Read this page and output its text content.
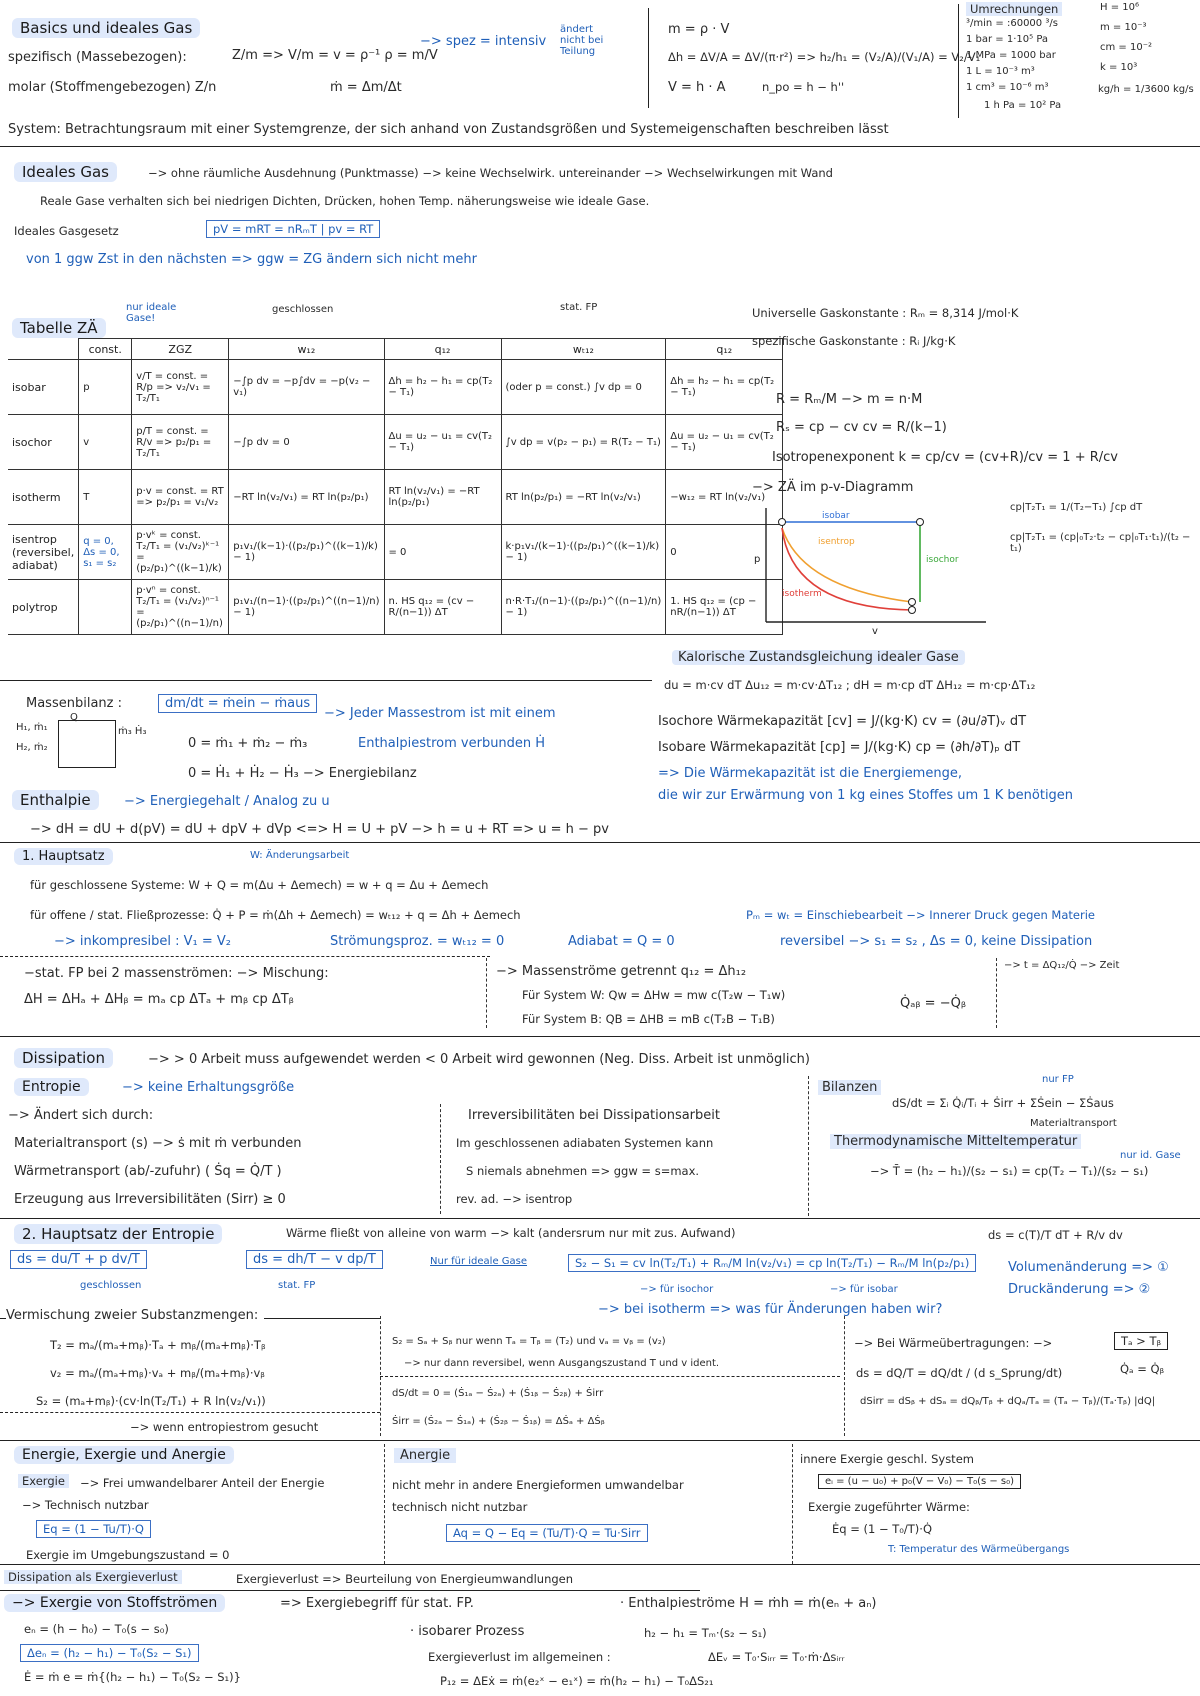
Basics und ideales Gas
spezifisch (Massebezogen):	Z/m => V/m = v = ρ⁻¹ ρ = m/V
−> spez = intensiv
ändert nicht bei Teilung
molar (Stoffmengebezogen) Z/n	ṁ = Δm/Δt
m = ρ · V
Δh = ΔV/A = ΔV/(π·r²) => h₂/h₁ = (V₂/A)/(V₁/A) = V₂/V₁
V = h · A	n_po = h − h''
Umrechnungen
³/min = :60000 ³/s
1 bar = 1·10⁵ Pa
1 MPa = 1000 bar
1 L = 10⁻³ m³
1 cm³ = 10⁻⁶ m³
1 h Pa = 10² Pa
H = 10⁶
m = 10⁻³
cm = 10⁻²
k = 10³
kg/h = 1/3600 kg/s
System: Betrachtungsraum mit einer Systemgrenze, der sich anhand von Zustandsgrößen und Systemeigenschaften beschreiben lässt
Ideales Gas	−> ohne räumliche Ausdehnung (Punktmasse) −> keine Wechselwirk. untereinander −> Wechselwirkungen mit Wand
Reale Gase verhalten sich bei niedrigen Dichten, Drücken, hohen Temp. näherungsweise wie ideale Gase.
Ideales Gasgesetz	pV = mRT = nRₘT | pv = RT
von 1 ggw Zst in den nächsten => ggw = ZG ändern sich nicht mehr
Tabelle ZÄ
nur ideale Gase!
geschlossen	stat. FP
	const.	ZGZ	w₁₂	q₁₂	wₜ₁₂	q₁₂
isobar	p	v/T = const. = R/p => v₂/v₁ = T₂/T₁	−∫p dv = −p∫dv = −p(v₂ − v₁)	Δh = h₂ − h₁ = cp(T₂ − T₁)	(oder p = const.) ∫v dp = 0	Δh = h₂ − h₁ = cp(T₂ − T₁)
isochor	v	p/T = const. = R/v => p₂/p₁ = T₂/T₁	−∫p dv = 0	Δu = u₂ − u₁ = cv(T₂ − T₁)	∫v dp = v(p₂ − p₁) = R(T₂ − T₁)	Δu = u₂ − u₁ = cv(T₂ − T₁)
isotherm	T	p·v = const. = RT => p₂/p₁ = v₁/v₂	−RT ln(v₂/v₁) = RT ln(p₂/p₁)	RT ln(v₂/v₁) = −RT ln(p₂/p₁)	RT ln(p₂/p₁) = −RT ln(v₂/v₁)	−w₁₂ = RT ln(v₂/v₁)
isentrop (reversibel, adiabat)	q = 0, Δs = 0, s₁ = s₂	p·vᵏ = const. T₂/T₁ = (v₁/v₂)ᵏ⁻¹ = (p₂/p₁)^((k−1)/k)	p₁v₁/(k−1)·((p₂/p₁)^((k−1)/k) − 1)	= 0	k·p₁v₁/(k−1)·((p₂/p₁)^((k−1)/k) − 1)	0
polytrop		p·vⁿ = const. T₂/T₁ = (v₁/v₂)ⁿ⁻¹ = (p₂/p₁)^((n−1)/n)	p₁v₁/(n−1)·((p₂/p₁)^((n−1)/n) − 1)	n. HS q₁₂ = (cv − R/(n−1)) ΔT	n·R·T₁/(n−1)·((p₂/p₁)^((n−1)/n) − 1)	1. HS q₁₂ = (cp − nR/(n−1)) ΔT
Universelle Gaskonstante : Rₘ = 8,314 J/mol·K
spezifische Gaskonstante : Rᵢ J/kg·K
R = Rₘ/M −> m = n·M
Rₛ = cp − cv cv = R/(k−1)
Isotropenexponent k = cp/cv = (cv+R)/cv = 1 + R/cv
−> ZÄ im p-v-Diagramm
cp|T₂T₁ = 1/(T₂−T₁) ∫cp dT
cp|T₂T₁ = (cp|₀T₂·t₂ − cp|₀T₁·t₁)/(t₂ − t₁)
isobar
isentrop
isochor
isotherm
p
v
Kalorische Zustandsgleichung idealer Gase
du = m·cv dT Δu₁₂ = m·cv·ΔT₁₂ ; dH = m·cp dT ΔH₁₂ = m·cp·ΔT₁₂
Isochore Wärmekapazität [cv] = J/(kg·K) cv = (∂u/∂T)ᵥ dT
Isobare Wärmekapazität [cp] = J/(kg·K) cp = (∂h/∂T)ₚ dT
=> Die Wärmekapazität ist die Energiemenge,
die wir zur Erwärmung von 1 kg eines Stoffes um 1 K benötigen
Massenbilanz :	dm/dt = ṁein − ṁaus
−> Jeder Massestrom ist mit einem
Enthalpiestrom verbunden Ḣ
H₁, ṁ₁
H₂, ṁ₂
ṁ₃ Ḣ₃
Q
0 = ṁ₁ + ṁ₂ − ṁ₃
0 = Ḣ₁ + Ḣ₂ − Ḣ₃ −> Energiebilanz
Enthalpie	−> Energiegehalt / Analog zu u
−> dH = dU + d(pV) = dU + dpV + dVp <=> H = U + pV −> h = u + RT => u = h − pv
1. Hauptsatz	W: Änderungsarbeit
für geschlossene Systeme: W + Q = m(Δu + Δemech) = w + q = Δu + Δemech
für offene / stat. Fließprozesse: Q̇ + P = ṁ(Δh + Δemech) = wₜ₁₂ + q = Δh + Δemech	Pₘ = wₜ = Einschiebearbeit −> Innerer Druck gegen Materie
−> inkompresibel : V₁ = V₂	Strömungsproz. = wₜ₁₂ = 0	Adiabat = Q = 0	reversibel −> s₁ = s₂ , Δs = 0, keine Dissipation
−stat. FP bei 2 massenströmen: −> Mischung:
ΔH = ΔHₐ + ΔHᵦ = mₐ cp ΔTₐ + mᵦ cp ΔTᵦ
−> Massenströme getrennt q₁₂ = Δh₁₂
Für System W: Qw = ΔHw = mw c(T₂w − T₁w)
Für System B: QB = ΔHB = mB c(T₂B − T₁B)
Q̇ₐᵦ = −Q̇ᵦ
−> t = ΔQ₁₂/Q̇ −> Zeit
Dissipation	−> > 0 Arbeit muss aufgewendet werden < 0 Arbeit wird gewonnen (Neg. Diss. Arbeit ist unmöglich)
Entropie	−> keine Erhaltungsgröße
−> Ändert sich durch:
Materialtransport (s) −> ṡ mit ṁ verbunden
Wärmetransport (ab/-zufuhr) ( Ṡq = Q̇/T )
Erzeugung aus Irreversibilitäten (Sirr) ≥ 0
Irreversibilitäten bei Dissipationsarbeit
Im geschlossenen adiabaten Systemen kann
S niemals abnehmen => ggw = s=max.
rev. ad. −> isentrop
Bilanzen
nur FP
dS/dt = Σᵢ Q̇ᵢ/Tᵢ + Ṡirr + ΣṠein − ΣṠaus
Materialtransport
Thermodynamische Mitteltemperatur
−> T̄ = (h₂ − h₁)/(s₂ − s₁) = cp(T₂ − T₁)/(s₂ − s₁)
nur id. Gase
2. Hauptsatz der Entropie	Wärme fließt von alleine von warm −> kalt (andersrum nur mit zus. Aufwand)	ds = c(T)/T dT + R/v dv
ds = du/T + p dv/T
geschlossen
ds = dh/T − v dp/T
stat. FP
Nur für ideale Gase	S₂ − S₁ = cv ln(T₂/T₁) + Rₘ/M ln(v₂/v₁) = cp ln(T₂/T₁) − Rₘ/M ln(p₂/p₁)
−> für isochor	−> für isobar
−> bei isotherm => was für Änderungen haben wir?
Volumenänderung => ①
Druckänderung => ②
Vermischung zweier Substanzmengen:
T₂ = mₐ/(mₐ+mᵦ)·Tₐ + mᵦ/(mₐ+mᵦ)·Tᵦ
v₂ = mₐ/(mₐ+mᵦ)·vₐ + mᵦ/(mₐ+mᵦ)·vᵦ
S₂ = (mₐ+mᵦ)·(cv·ln(T₂/T₁) + R ln(v₂/v₁))
−> wenn entropiestrom gesucht
S₂ = Sₐ + Sᵦ nur wenn Tₐ = Tᵦ = (T₂) und vₐ = vᵦ = (v₂)
−> nur dann reversibel, wenn Ausgangszustand T und v ident.
dS/dt = 0 = (Ṡ₁ₐ − Ṡ₂ₐ) + (Ṡ₁ᵦ − Ṡ₂ᵦ) + Ṡirr
Ṡirr = (Ṡ₂ₐ − Ṡ₁ₐ) + (Ṡ₂ᵦ − Ṡ₁ᵦ) = ΔṠₐ + ΔṠᵦ
−> Bei Wärmeübertragungen: −>	Tₐ > Tᵦ
Q̇ₐ = Q̇ᵦ
ds = dQ/T = dQ/dt / (d s_Sprung/dt)
dSirr = dSᵦ + dSₐ = dQᵦ/Tᵦ + dQₐ/Tₐ = (Tₐ − Tᵦ)/(Tₐ·Tᵦ) |dQ|
Energie, Exergie und Anergie
Exergie	−> Frei umwandelbarer Anteil der Energie
−> Technisch nutzbar
Eq = (1 − Tu/T)·Q
Exergie im Umgebungszustand = 0
Anergie
nicht mehr in andere Energieformen umwandelbar
technisch nicht nutzbar
Aq = Q − Eq = (Tu/T)·Q = Tu·Sirr
innere Exergie geschl. System
eᵢ = (u − u₀) + p₀(V − V₀) − T₀(s − s₀)
Exergie zugeführter Wärme:
Ėq = (1 − T₀/T)·Q̇
T: Temperatur des Wärmeübergangs
Dissipation als Exergieverlust	Exergieverlust => Beurteilung von Energieumwandlungen
−> Exergie von Stoffströmen	=> Exergiebegriff für stat. FP.	· Enthalpieströme H = ṁh = ṁ(eₙ + aₙ)
eₙ = (h − h₀) − T₀(s − s₀)
Δeₙ = (h₂ − h₁) − T₀(S₂ − S₁)
Ė = ṁ e = ṁ{(h₂ − h₁) − T₀(S₂ − S₁)}
· isobarer Prozess	h₂ − h₁ = Tₘ·(s₂ − s₁)
Exergieverlust im allgemeinen :	ΔEᵥ = T₀·Sᵢᵣᵣ = T₀·ṁ·Δsᵢᵣᵣ
P₁₂ = ΔEẋ = ṁ(e₂ˣ − e₁ˣ) = ṁ(h₂ − h₁) − T₀ΔS₂₁
